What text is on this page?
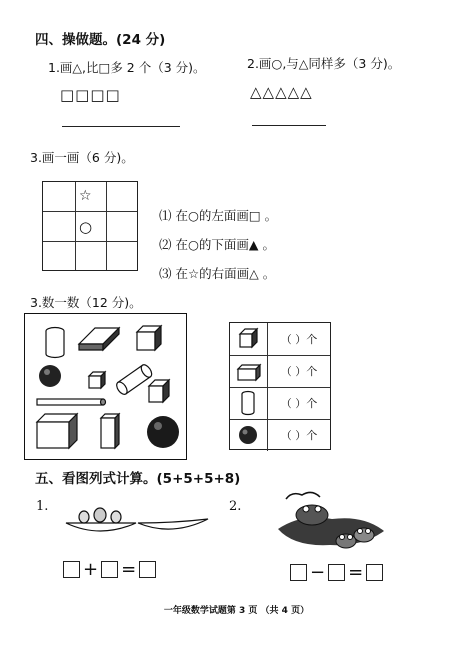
四、操做题。(24 分)
1.画△,比□多 2 个（3 分)。
□□□□
2.画○,与△同样多（3 分)。
△△△△△
3.画一画（6 分)。
☆
○
⑴ 在○的左面画□ 。
⑵ 在○的下面画▲ 。
⑶ 在☆的右面画△ 。
3.数一数（12 分)。
（ ）个
（ ）个
（ ）个
（ ）个
五、看图列式计算。(5+5+5+8)
1.
+ =
2.
− =
一年级数学试题第 3 页 （共 4 页）
